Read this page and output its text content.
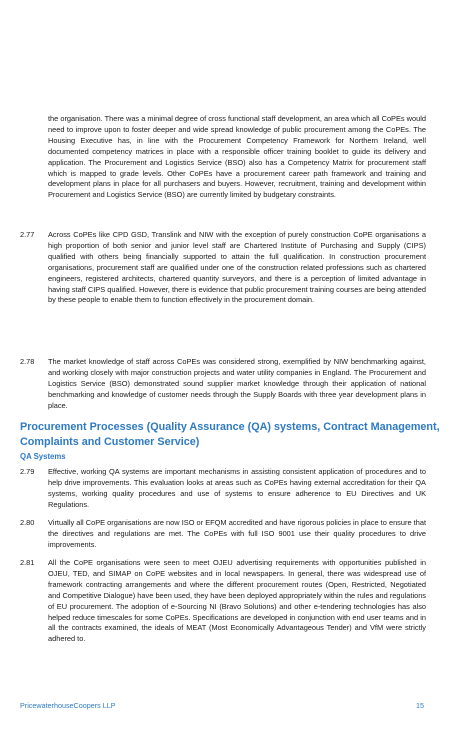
the organisation. There was a minimal degree of cross functional staff development, an area which all CoPEs would need to improve upon to foster deeper and wide spread knowledge of public procurement among the CoPEs. The Housing Executive has, in line with the Procurement Competency Framework for Northern Ireland, well documented competency matrices in place with a responsible officer training booklet to guide its delivery and application. The Procurement and Logistics Service (BSO) also has a Competency Matrix for procurement staff which is mapped to grade levels. Other CoPEs have a procurement career path framework and training and development plans in place for all purchasers and buyers. However, recruitment, training and development within Procurement and Logistics Service (BSO) are currently limited by budgetary constraints.

2.77	Across CoPEs like CPD GSD, Translink and NIW with the exception of purely construction CoPE organisations a high proportion of both senior and junior level staff are Chartered Institute of Purchasing and Supply (CIPS) qualified with others being financially supported to attain the full qualification. In construction procurement organisations, procurement staff are qualified under one of the construction related professions such as chartered engineers, registered architects, chartered quantity surveyors, and there is a perception of limited advantage in having staff CIPS qualified. However, there is evidence that public procurement training courses are being attended by these people to enable them to function effectively in the procurement domain.
2.78	The market knowledge of staff across CoPEs was considered strong, exemplified by NIW benchmarking against, and working closely with major construction projects and water utility companies in England. The Procurement and Logistics Service (BSO) demonstrated sound supplier market knowledge through their application of national benchmarking and knowledge of customer needs through the Supply Boards with three year development plans in place.
Procurement Processes (Quality Assurance (QA) systems, Contract Management, Complaints and Customer Service)
QA Systems
2.79	Effective, working QA systems are important mechanisms in assisting consistent application of procedures and to help drive improvements. This evaluation looks at areas such as CoPEs having external accreditation for their QA systems, working quality procedures and use of systems to ensure adherence to EU Directives and UK Regulations.
2.80	Virtually all CoPE organisations are now ISO or EFQM accredited and have rigorous policies in place to ensure that the directives and regulations are met. The CoPEs with full ISO 9001 use their quality procedures to drive improvements.
2.81	All the CoPE organisations were seen to meet OJEU advertising requirements with opportunities published in OJEU, TED, and SIMAP on CoPE websites and in local newspapers. In general, there was widespread use of framework contracting arrangements and where the different procurement routes (Open, Restricted, Negotiated and Competitive Dialogue) have been used, they have been deployed appropriately within the rules and regulations of EU procurement. The adoption of e-Sourcing NI (Bravo Solutions) and other e-tendering technologies has also helped reduce timescales for some CoPEs. Specifications are developed in conjunction with end user teams and in all the contracts examined, the ideals of MEAT (Most Economically Advantageous Tender) and VfM were strictly adhered to.
PricewaterhouseCoopers LLP	15
